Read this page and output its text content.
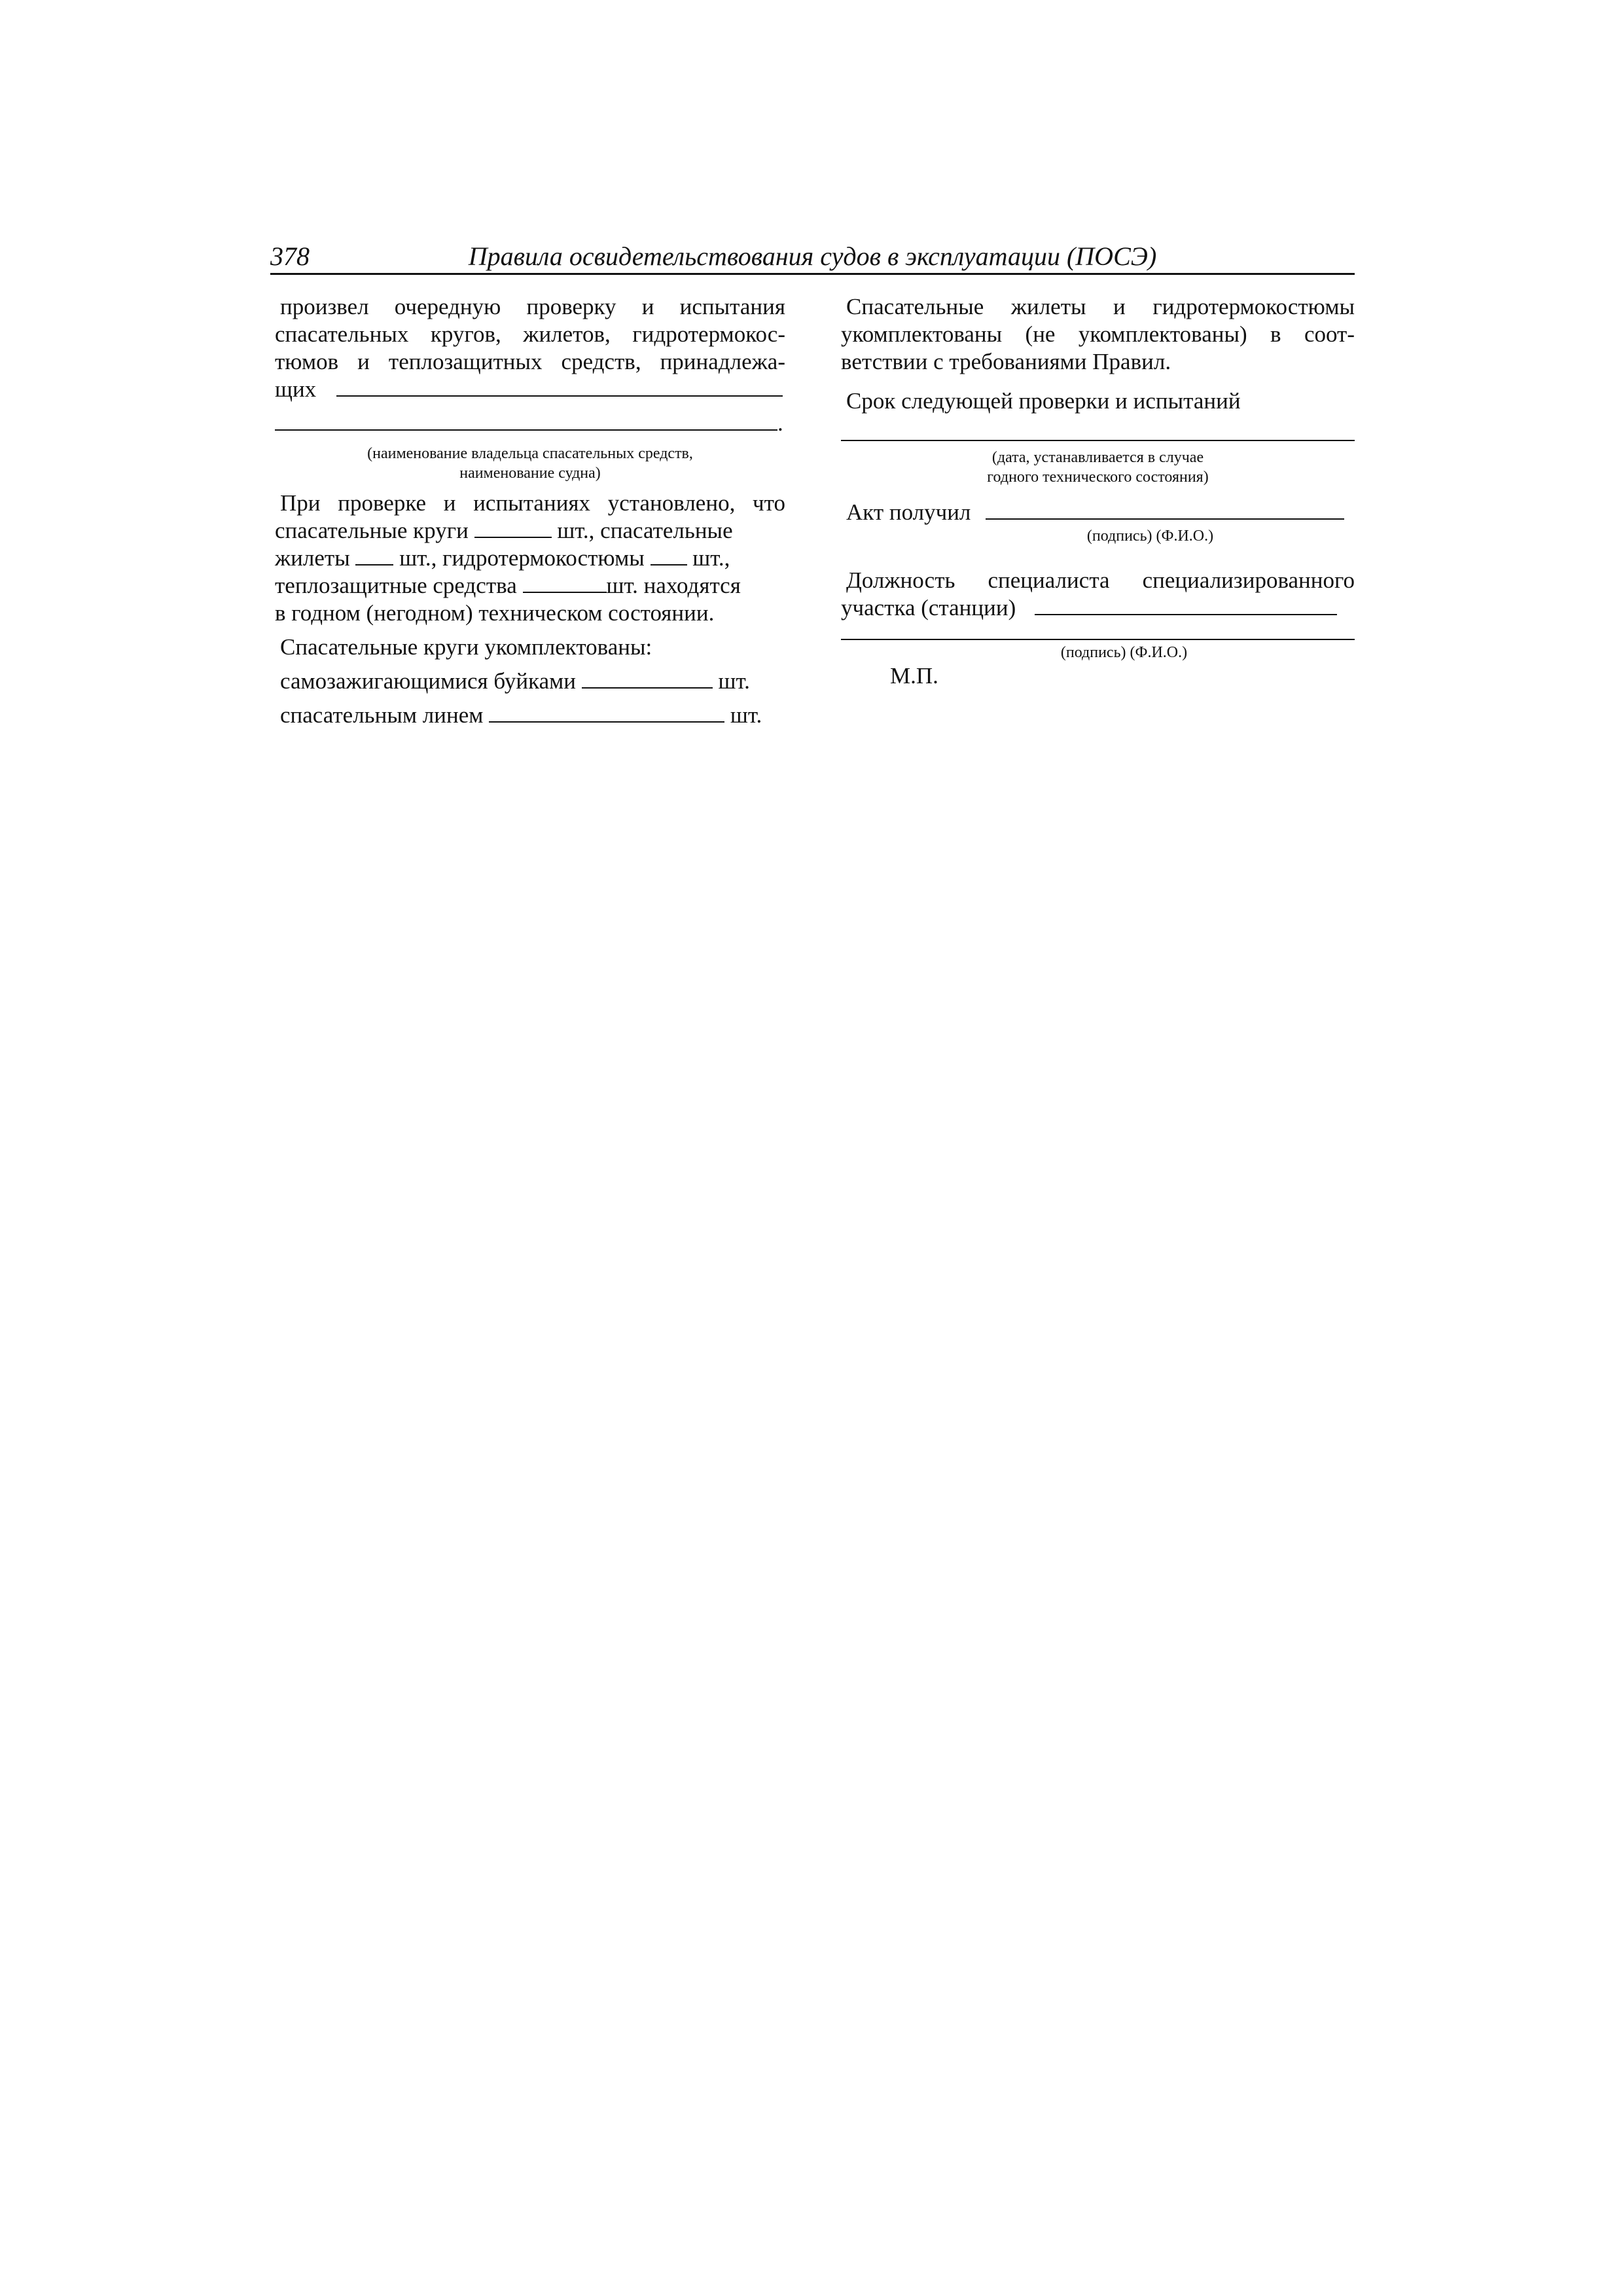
378	Правила освидетельствования судов в эксплуатации (ПОСЭ)
произвел очередную проверку и испытания
спасательных кругов, жилетов, гидротермокос-
тюмов и теплозащитных средств, принадлежа-
щих
.
(наименование владельца спасательных средств,
наименование судна)
При проверке и испытаниях установлено, что
спасательные круги	шт., спасательные
жилеты шт., гидротермокостюмы шт.,
теплозащитные средства	шт. находятся
в годном (негодном) техническом состоянии.
Спасательные круги укомплектованы:
самозажигающимися буйками	шт.
спасательным линем	шт.
Спасательные жилеты и гидротермокостюмы
укомплектованы (не укомплектованы) в соот-
ветствии с требованиями Правил.
Срок следующей проверки и испытаний
(дата, устанавливается в случае
годного технического состояния)
Акт получил
(подпись) (Ф.И.О.)
Должность специалиста специализированного
участка (станции)
(подпись) (Ф.И.О.)
М.П.
